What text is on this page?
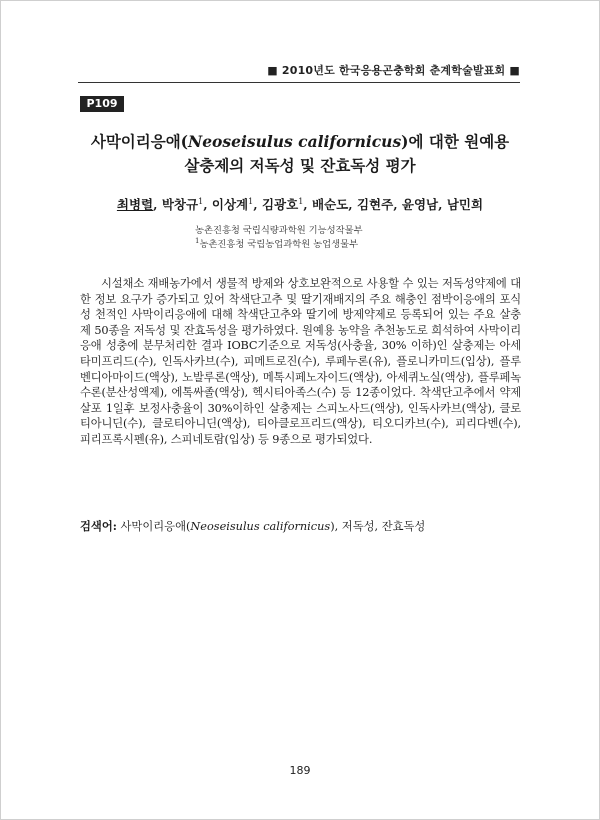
■ 2010년도 한국응용곤충학회 춘계학술발표회 ■
P109
사막이리응애(Neoseisulus californicus)에 대한 원예용
살충제의 저독성 및 잔효독성 평가
최병렬, 박창규$^1$, 이상계$^1$, 김광호$^1$, 배순도, 김현주, 윤영남, 남민희
농촌진흥청 국립식량과학원 기능성작물부
$^1$농촌진흥청 국립농업과학원 농업생물부

시설채소 재배농가에서 생물적 방제와 상호보완적으로 사용할 수 있는 저독성약제에 대한 정보 요구가 증가되고 있어 착색단고추 및 딸기재배지의 주요 해충인 점박이응애의 포식성 천적인 사막이리응애에 대해 착색단고추와 딸기에 방제약제로 등록되어 있는 주요 살충제 50종을 저독성 및 잔효독성을 평가하였다. 원예용 농약을 추천농도로 희석하여 사막이리응애 성충에 분무처리한 결과 IOBC기준으로 저독성(사충율, 30% 이하)인 살충제는 아세타미프리드(수), 인독사카브(수), 피메트로진(수), 루페누론(유), 플로니카미드(입상), 플루벤디아마이드(액상), 노발루론(액상), 메톡시페노자이드(액상), 아세퀴노실(액상), 플루페녹수론(분산성액제), 에톡싸졸(액상), 헥시티아족스(수) 등 12종이었다. 착색단고추에서 약제 살포 1일후 보정사충율이 30%이하인 살충제는 스피노사드(액상), 인독사카브(액상), 클로티아니딘(수), 클로티아니딘(액상), 티아클로프리드(액상), 티오디카브(수), 피리다벤(수), 피리프록시펜(유), 스피네토람(입상) 등 9종으로 평가되었다.

검색어: 사막이리응애(Neoseisulus californicus), 저독성, 잔효독성
189
